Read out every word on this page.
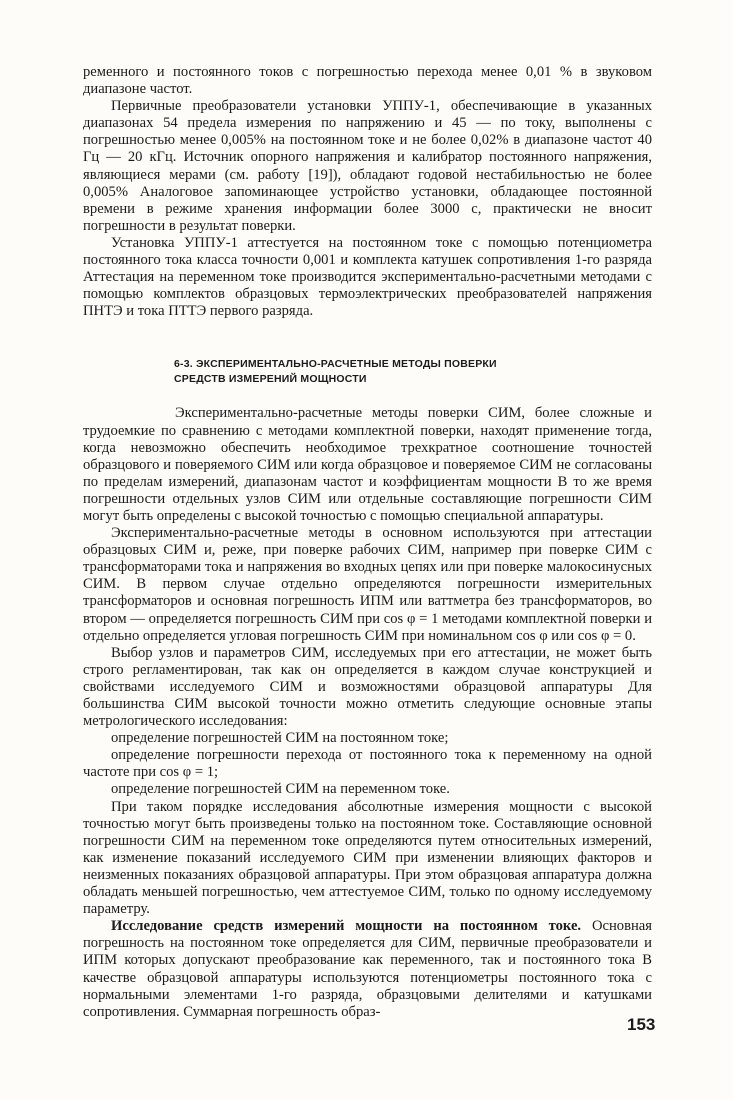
ременного и постоянного токов с погрешностью перехода менее 0,01 % в звуковом диапазоне частот.

Первичные преобразователи установки УППУ-1, обеспечивающие в указанных диапазонах 54 предела измерения по напряжению и 45 — по току, выполнены с погрешностью менее 0,005% на постоянном токе и не более 0,02% в диапазоне частот 40 Гц — 20 кГц. Источник опорного напряжения и калибратор постоянного напряжения, являющиеся мерами (см. работу [19]), обладают годовой нестабильностью не более 0,005% Аналоговое запоминающее устройство установки, обладающее постоянной времени в режиме хранения информации более 3000 с, практически не вносит погрешности в результат поверки.

Установка УППУ-1 аттестуется на постоянном токе с помощью потенциометра постоянного тока класса точности 0,001 и комплекта катушек сопротивления 1-го разряда Аттестация на переменном токе производится экспериментально-расчетными методами с помощью комплектов образцовых термоэлектрических преобразователей напряжения ПНТЭ и тока ПТТЭ первого разряда.

6-3. ЭКСПЕРИМЕНТАЛЬНО-РАСЧЕТНЫЕ МЕТОДЫ ПОВЕРКИ
СРЕДСТВ ИЗМЕРЕНИЙ МОЩНОСТИ

Экспериментально-расчетные методы поверки СИМ, более сложные и трудоемкие по сравнению с методами комплектной поверки, находят применение тогда, когда невозможно обеспечить необходимое трехкратное соотношение точностей образцового и поверяемого СИМ или когда образцовое и поверяемое СИМ не согласованы по пределам измерений, диапазонам частот и коэффициентам мощности В то же время погрешности отдельных узлов СИМ или отдельные составляющие погрешности СИМ могут быть определены с высокой точностью с помощью специальной аппаратуры.

Экспериментально-расчетные методы в основном используются при аттестации образцовых СИМ и, реже, при поверке рабочих СИМ, например при поверке СИМ с трансформаторами тока и напряжения во входных цепях или при поверке малокосинусных СИМ. В первом случае отдельно определяются погрешности измерительных трансформаторов и основная погрешность ИПМ или ваттметра без трансформаторов, во втором — определяется погрешность СИМ при cos φ = 1 методами комплектной поверки и отдельно определяется угловая погрешность СИМ при номинальном cos φ или cos φ = 0.

Выбор узлов и параметров СИМ, исследуемых при его аттестации, не может быть строго регламентирован, так как он определяется в каждом случае конструкцией и свойствами исследуемого СИМ и возможностями образцовой аппаратуры Для большинства СИМ высокой точности можно отметить следующие основные этапы метрологического исследования:

определение погрешностей СИМ на постоянном токе;

определение погрешности перехода от постоянного тока к переменному на одной частоте при cos φ = 1;

определение погрешностей СИМ на переменном токе.

При таком порядке исследования абсолютные измерения мощности с высокой точностью могут быть произведены только на постоянном токе. Составляющие основной погрешности СИМ на переменном токе определяются путем относительных измерений, как изменение показаний исследуемого СИМ при изменении влияющих факторов и неизменных показаниях образцовой аппаратуры. При этом образцовая аппаратура должна обладать меньшей погрешностью, чем аттестуемое СИМ, только по одному исследуемому параметру.

Исследование средств измерений мощности на постоянном токе. Основная погрешность на постоянном токе определяется для СИМ, первичные преобразователи и ИПМ которых допускают преобразование как переменного, так и постоянного тока В качестве образцовой аппаратуры используются потенциометры постоянного тока с нормальными элементами 1-го разряда, образцовыми делителями и катушками сопротивления. Суммарная погрешность образ-

153
